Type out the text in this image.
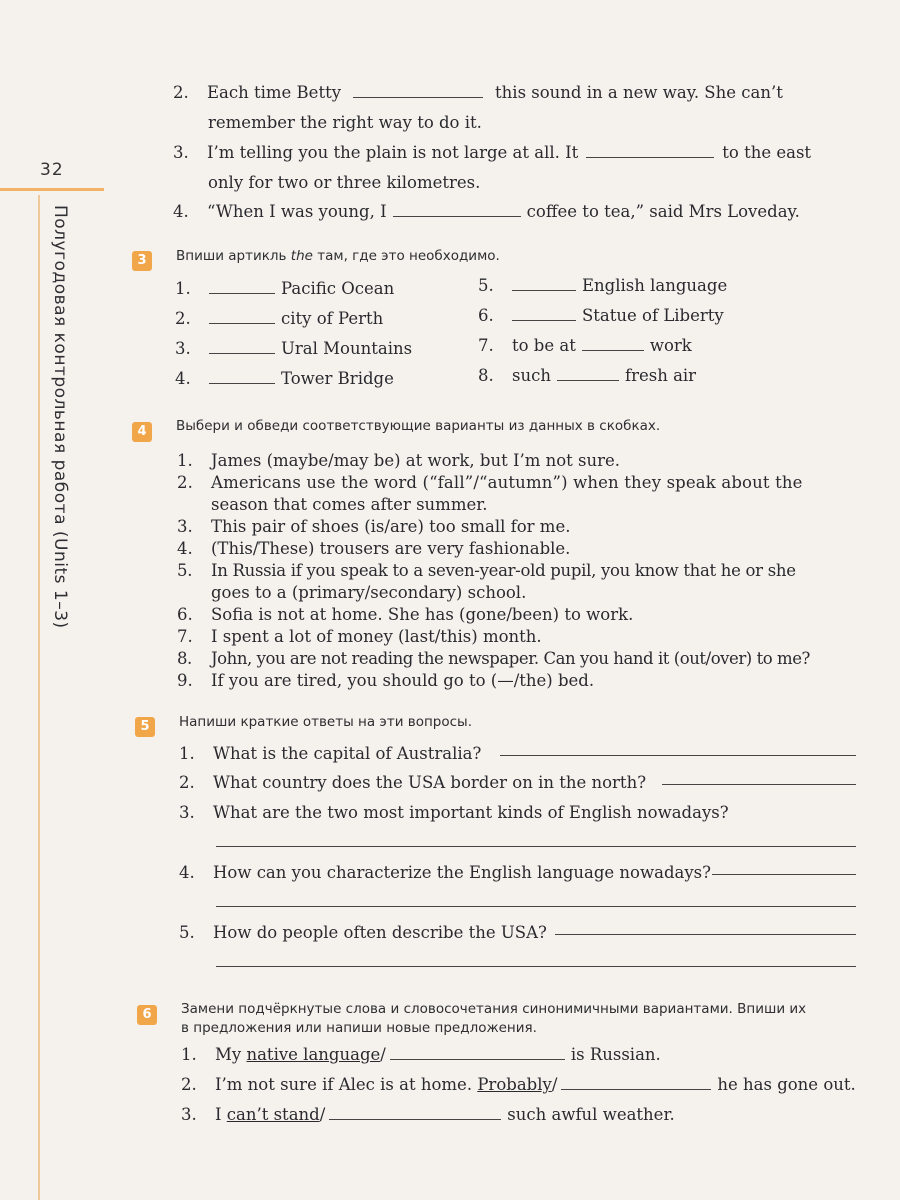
32
Полугодовая контрольная работа (Units 1–3)
2. Each time Betty	this sound in a new way. She can’t
remember the right way to do it.
3. I’m telling you the plain is not large at all. It	to the east
only for two or three kilometres.
4. “When I was young, I	coffee to tea,” said Mrs Loveday.
3	Впиши артикль the там, где это необходимо.
1.	Pacific Ocean
2.	city of Perth
3.	Ural Mountains
4.	Tower Bridge
5.	English language
6.	Statue of Liberty
7. to be at	work
8. such	fresh air
4	Выбери и обведи соответствующие варианты из данных в скобках.
1. James (maybe/may be) at work, but I’m not sure.
2. Americans use the word (“fall”/“autumn”) when they speak about the
season that comes after summer.
3. This pair of shoes (is/are) too small for me.
4. (This/These) trousers are very fashionable.
5. In Russia if you speak to a seven-year-old pupil, you know that he or she
goes to a (primary/secondary) school.
6. Sofia is not at home. She has (gone/been) to work.
7. I spent a lot of money (last/this) month.
8. John, you are not reading the newspaper. Can you hand it (out/over) to me?
9. If you are tired, you should go to (—/the) bed.
5	Напиши краткие ответы на эти вопросы.
1. What is the capital of Australia?
2. What country does the USA border on in the north?
3. What are the two most important kinds of English nowadays?
4. How can you characterize the English language nowadays?
5. How do people often describe the USA?
6	Замени подчёркнутые слова и словосочетания синонимичными вариантами. Впиши их
в предложения или напиши новые предложения.
1. My native language/	is Russian.
2. I’m not sure if Alec is at home. Probably/	he has gone out.
3. I can’t stand/	such awful weather.
